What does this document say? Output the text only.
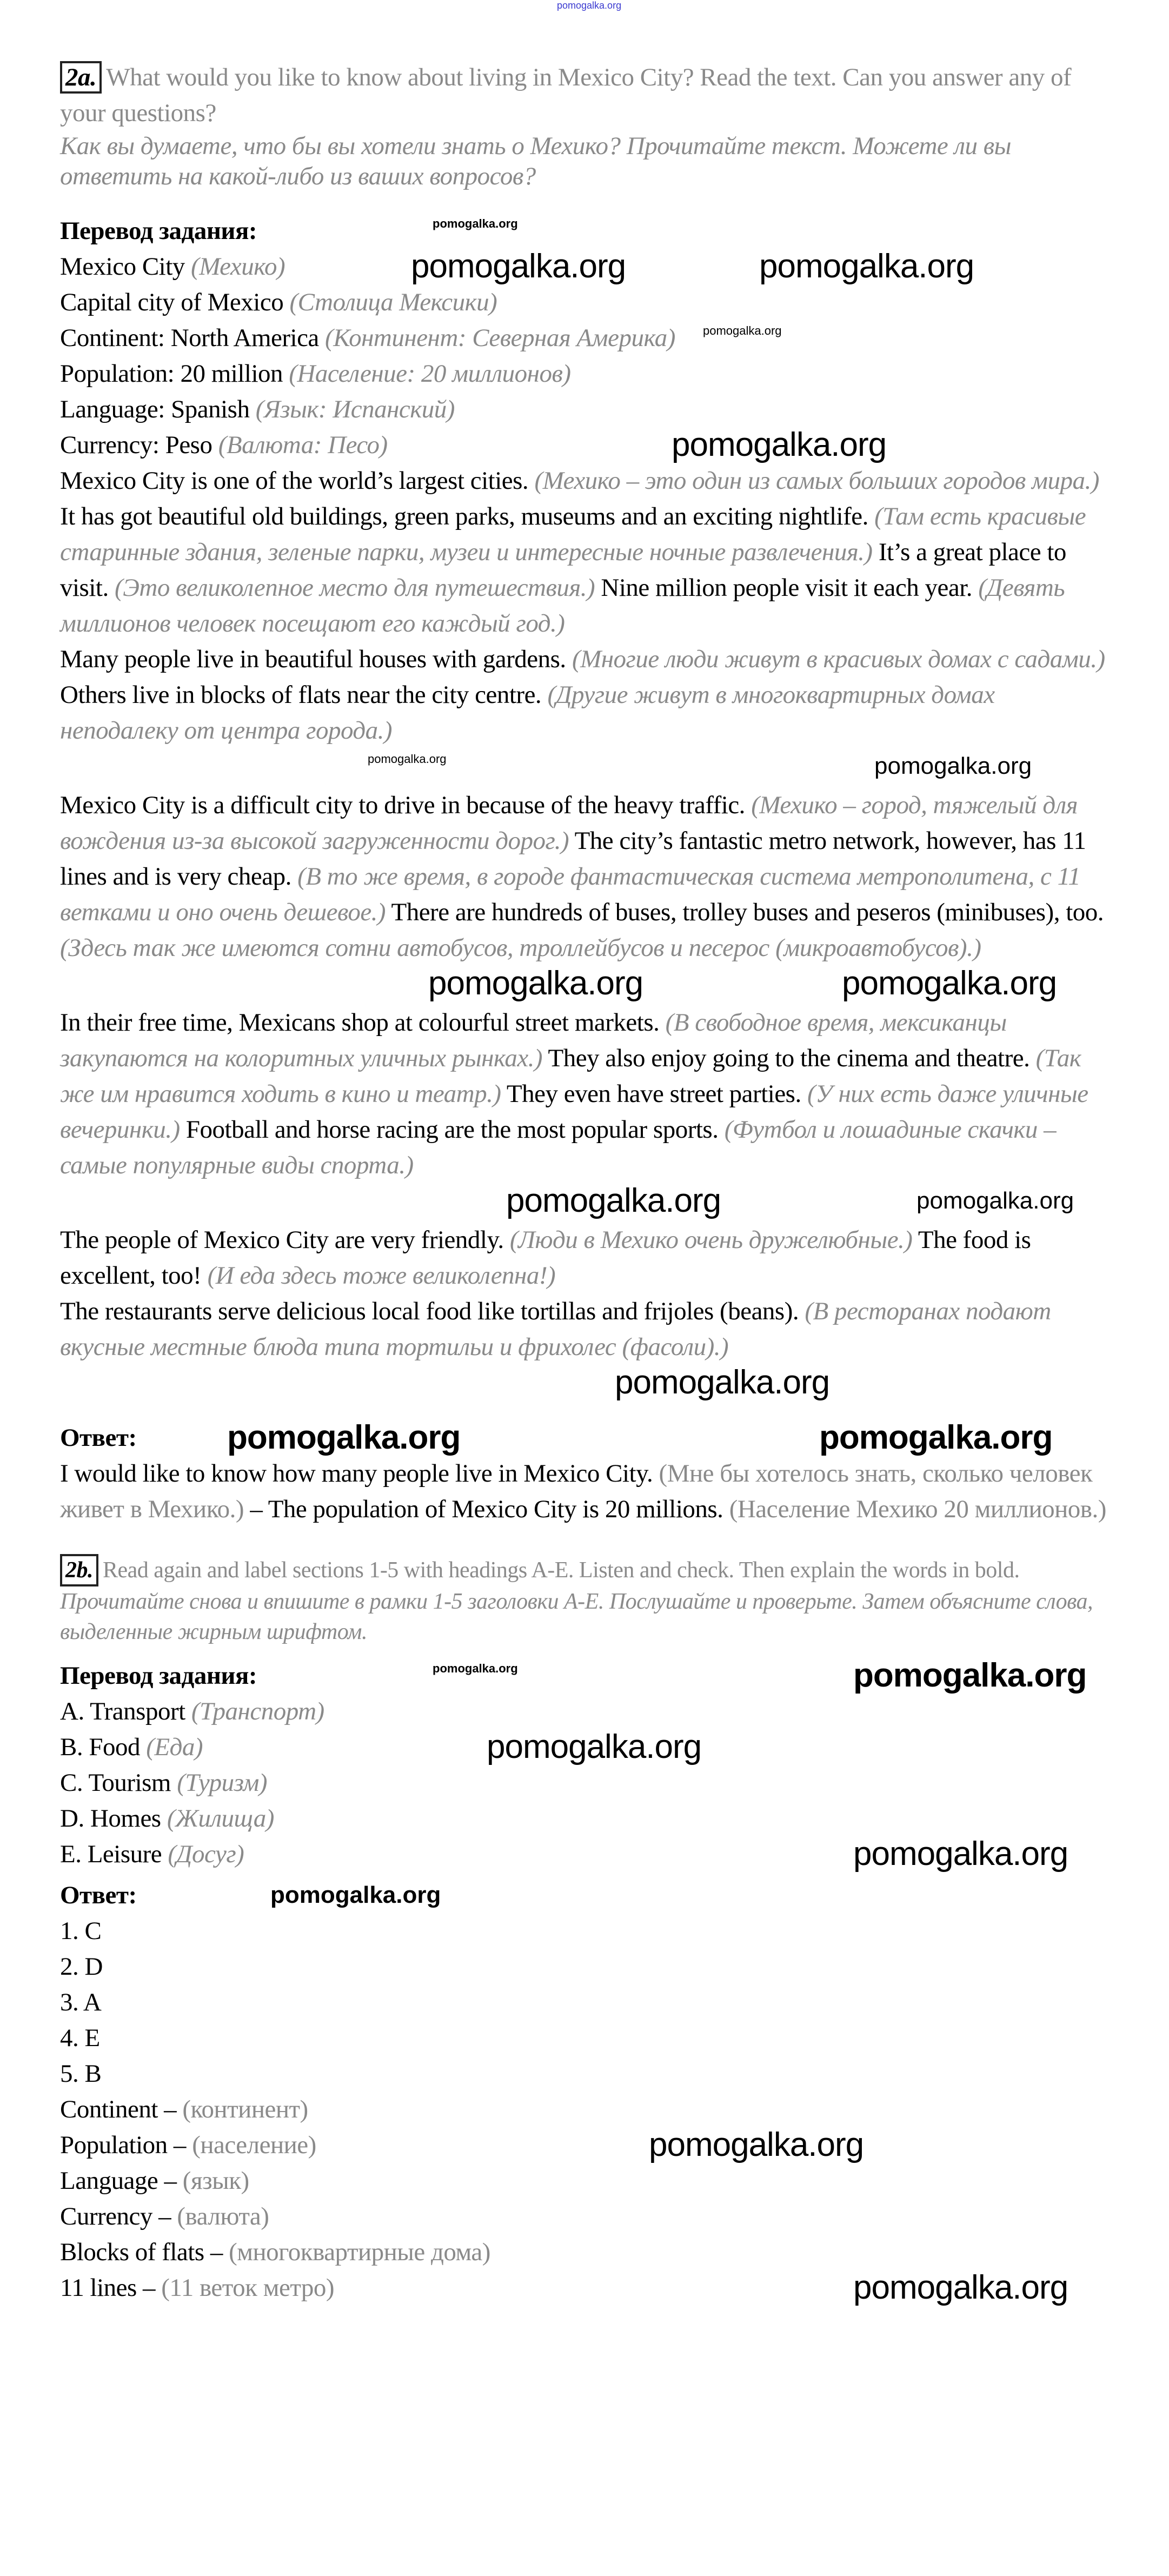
pomogalka.org
2a. What would you like to know about living in Mexico City? Read the text. Can you answer any of your questions?
Как вы думаете, что бы вы хотели знать о Мехико? Прочитайте текст. Можете ли вы ответить на какой-либо из ваших вопросов?
Перевод задания:	pomogalka.org
Mexico City (Мехико)	pomogalka.org	pomogalka.org
Capital city of Mexico (Столица Мексики)
Continent: North America (Континент: Северная Америка) pomogalka.org
Population: 20 million (Население: 20 миллионов)
Language: Spanish (Язык: Испанский)
Currency: Peso (Валюта: Песо)	pomogalka.org
Mexico City is one of the world’s largest cities. (Мехико – это один из самых больших городов мира.) It has got beautiful old buildings, green parks, museums and an exciting nightlife. (Там есть красивые старинные здания, зеленые парки, музеи и интересные ночные развлечения.) It’s a great place to visit. (Это великолепное место для путешествия.) Nine million people visit it each year. (Девять миллионов человек посещают его каждый год.)
Many people live in beautiful houses with gardens. (Многие люди живут в красивых домах с садами.) Others live in blocks of flats near the city centre. (Другие живут в многоквартирных домах неподалеку от центра города.)
pomogalka.org
pomogalka.org
Mexico City is a difficult city to drive in because of the heavy traffic. (Мехико – город, тяжелый для вождения из-за высокой загруженности дорог.) The city’s fantastic metro network, however, has 11 lines and is very cheap. (В то же время, в городе фантастическая система метрополитена, с 11 ветками и оно очень дешевое.) There are hundreds of buses, trolley buses and peseros (minibuses), too. (Здесь так же имеются сотни автобусов, троллейбусов и песерос (микроавтобусов).)
pomogalka.org	pomogalka.org
In their free time, Mexicans shop at colourful street markets. (В свободное время, мексиканцы закупаются на колоритных уличных рынках.) They also enjoy going to the cinema and theatre. (Так же им нравится ходить в кино и театр.) They even have street parties. (У них есть даже уличные вечеринки.) Football and horse racing are the most popular sports. (Футбол и лошадиные скачки – самые популярные виды спорта.)
pomogalka.org	pomogalka.org
The people of Mexico City are very friendly. (Люди в Мехико очень дружелюбные.) The food is excellent, too! (И еда здесь тоже великолепна!)
The restaurants serve delicious local food like tortillas and frijoles (beans). (В ресторанах подают вкусные местные блюда типа тортильи и фрихолес (фасоли).)
pomogalka.org
Ответ:	pomogalka.org	pomogalka.org
I would like to know how many people live in Mexico City. (Мне бы хотелось знать, сколько человек живет в Мехико.) – The population of Mexico City is 20 millions. (Население Мехико 20 миллионов.)
2b. Read again and label sections 1-5 with headings A-E. Listen and check. Then explain the words in bold.
Прочитайте снова и впишите в рамки 1-5 заголовки A-E. Послушайте и проверьте. Затем объясните слова, выделенные жирным шрифтом.
Перевод задания:	pomogalka.org	pomogalka.org
A. Transport (Транспорт)
B. Food (Еда)	pomogalka.org
C. Tourism (Туризм)
D. Homes (Жилища)
E. Leisure (Досуг)	pomogalka.org
Ответ:	pomogalka.org
1. C
2. D
3. A
4. E
5. B
Continent – (континент)
Population – (население)	pomogalka.org
Language – (язык)
Currency – (валюта)
Blocks of flats – (многоквартирные дома)
11 lines – (11 веток метро)	pomogalka.org
